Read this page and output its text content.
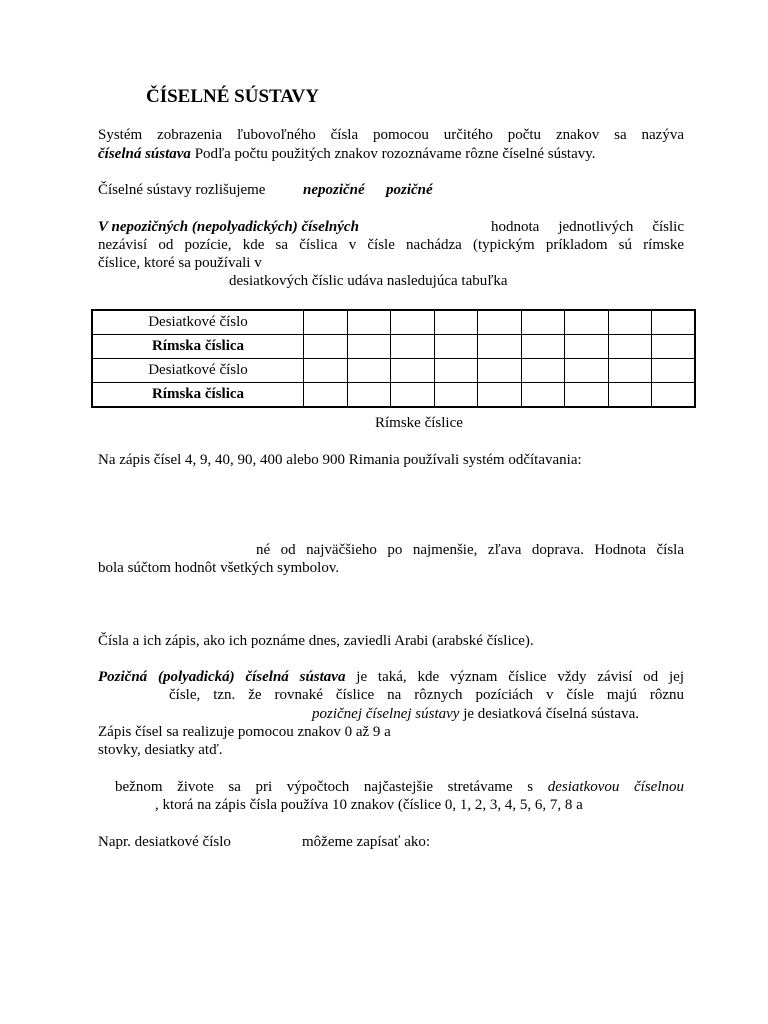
ČÍSELNÉ SÚSTAVY
Systém zobrazenia ľubovoľného čísla pomocou určitého počtu znakov sa nazýva
číselná sústava Podľa počtu použitých znakov rozoznávame rôzne číselné sústavy.
Číselné sústavy rozlišujeme	nepozičné pozičné
V nepozičných (nepolyadických) číselných	hodnota jednotlivých číslic
nezávisí od pozície, kde sa číslica v čísle nachádza (typickým príkladom sú rímske
číslice, ktoré sa používali v
desiatkových číslic udáva nasledujúca tabuľka
Desiatkové číslo									
Rímska číslica									
Desiatkové číslo									
Rímska číslica									
Rímske číslice
Na zápis čísel 4, 9, 40, 90, 400 alebo 900 Rimania používali systém odčítavania:
né od najväčšieho po najmenšie, zľava doprava. Hodnota čísla
bola súčtom hodnôt všetkých symbolov.
Čísla a ich zápis, ako ich poznáme dnes, zaviedli Arabi (arabské číslice).
Pozičná (polyadická) číselná sústava je taká, kde význam číslice vždy závisí od jej
čísle, tzn. že rovnaké číslice na rôznych pozíciách v čísle majú rôznu
pozičnej číselnej sústavy je desiatková číselná sústava.
Zápis čísel sa realizuje pomocou znakov 0 až 9 a
stovky, desiatky atď.
bežnom živote sa pri výpočtoch najčastejšie stretávame s desiatkovou číselnou
, ktorá na zápis čísla používa 10 znakov (číslice 0, 1, 2, 3, 4, 5, 6, 7, 8 a
Napr. desiatkové číslo	môžeme zapísať ako:
